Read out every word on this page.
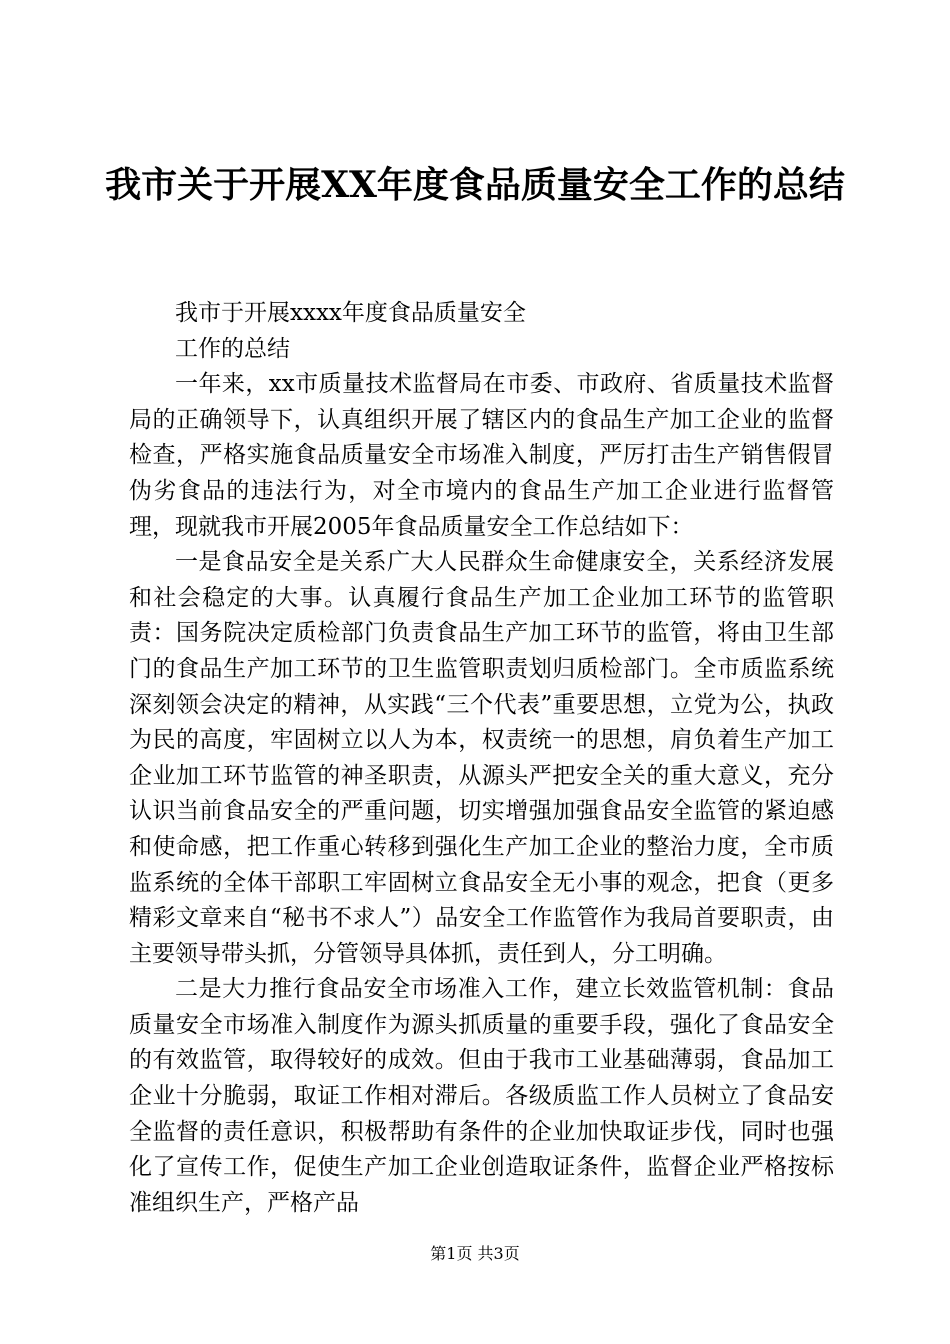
我市关于开展XX年度食品质量安全工作的总结

我市于开展xxxx年度食品质量安全

工作的总结

一年来，xx市质量技术监督局在市委、市政府、省质量技术监督局的正确领导下，认真组织开展了辖区内的食品生产加工企业的监督检查，严格实施食品质量安全市场准入制度，严厉打击生产销售假冒伪劣食品的违法行为，对全市境内的食品生产加工企业进行监督管理，现就我市开展2005年食品质量安全工作总结如下：

一是食品安全是关系广大人民群众生命健康安全，关系经济发展和社会稳定的大事。认真履行食品生产加工企业加工环节的监管职责：国务院决定质检部门负责食品生产加工环节的监管，将由卫生部门的食品生产加工环节的卫生监管职责划归质检部门。全市质监系统深刻领会决定的精神，从实践“三个代表”重要思想，立党为公，执政为民的高度，牢固树立以人为本，权责统一的思想，肩负着生产加工企业加工环节监管的神圣职责，从源头严把安全关的重大意义，充分认识当前食品安全的严重问题，切实增强加强食品安全监管的紧迫感和使命感，把工作重心转移到强化生产加工企业的整治力度，全市质监系统的全体干部职工牢固树立食品安全无小事的观念，把食（更多精彩文章来自“秘书不求人”）品安全工作监管作为我局首要职责，由主要领导带头抓，分管领导具体抓，责任到人，分工明确。

二是大力推行食品安全市场准入工作，建立长效监管机制：食品质量安全市场准入制度作为源头抓质量的重要手段，强化了食品安全的有效监管，取得较好的成效。但由于我市工业基础薄弱，食品加工企业十分脆弱，取证工作相对滞后。各级质监工作人员树立了食品安全监督的责任意识，积极帮助有条件的企业加快取证步伐，同时也强化了宣传工作，促使生产加工企业创造取证条件，监督企业严格按标准组织生产，严格产品

第1页 共3页
